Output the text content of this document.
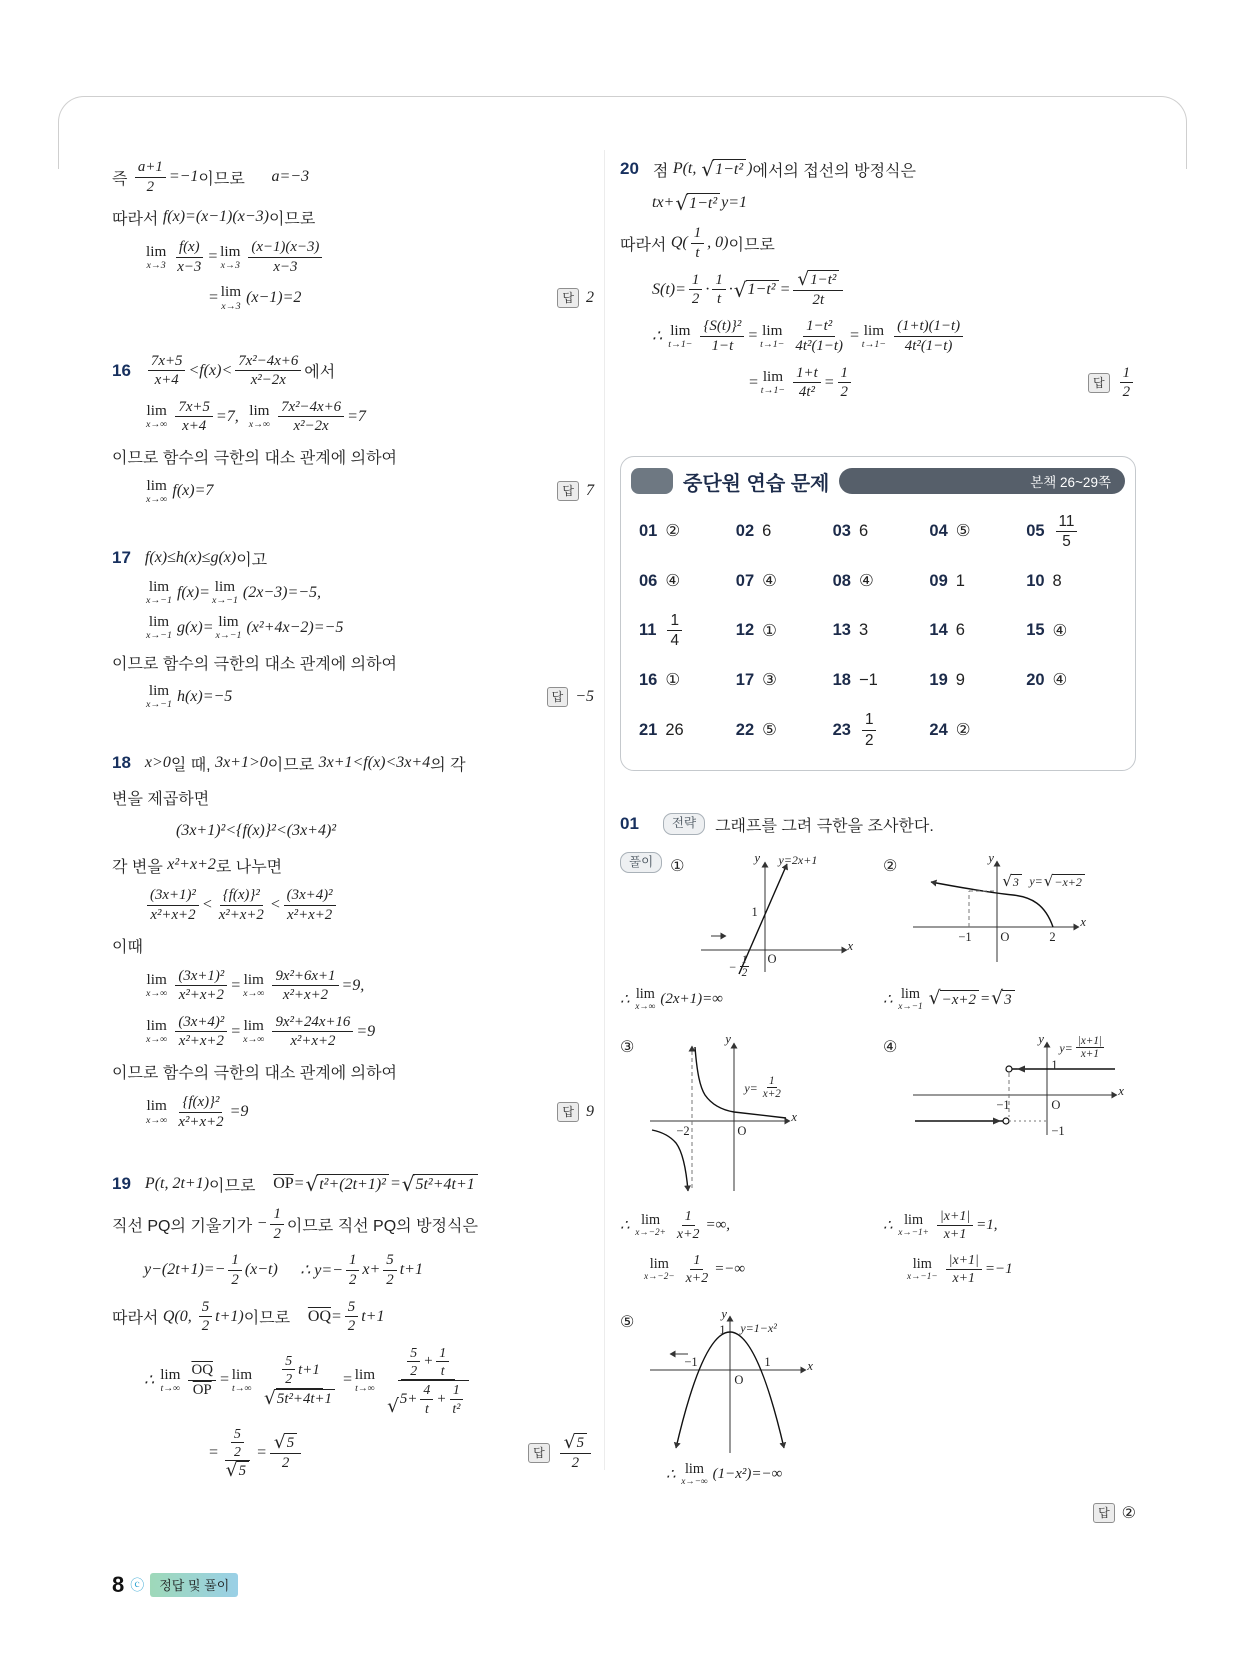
즉 $\frac{a+1}{2} =-1$ 이므로
a=−3
따라서 f(x)=(x−1)(x−3) 이므로
lim
$x\to 3 \frac{f(x)}{x-3} = \lim$
$x\to 3 \frac{(x-1)(x-3)}{x-3}$
= lim
x→3
(x−1)=2	답 2
$16 \frac{7x+5}{x+4} <f(x)< \frac{\text{7x²−4x+6}}{\text{x²−2x}}$ 에서
lim
$x\to\infty \frac{7x+5}{x+4} =7$, lim
$x\to\infty \frac{\text{7x²−4x+6}}{\text{x²−2x}} =7$
이므로 함수의 극한의 대소 관계에 의하여
lim
x→∞
f(x)=7	답 7
17 f(x)≤h(x)≤g(x) 이고
lim
x→−1
f(x)= lim
x→−1
(2x−3)=−5,
lim
x→−1
g(x)= lim
x→−1
(x²+4x−2)=−5
이므로 함수의 극한의 대소 관계에 의하여
lim
x→−1
h(x)=−5	답 −5
18 x>0 일 때, 3x+1>0 이므로 3x+1<f(x)<3x+4 의 각
변을 제곱하면
(3x+1)²<{f(x)}²<(3x+4)²
각 변을 x²+x+2 로 나누면
$\frac{\text{(3x+1)²}}{\text{x²+x+2}} < \frac{\text{\{f(x)\}²}}{\text{x²+x+2}} < \frac{\text{(3x+4)²}}{\text{x²+x+2}}$
이때
lim
$x\to\infty \frac{\text{(3x+1)²}}{\text{x²+x+2}} = \lim$
$x\to\infty \frac{\text{9x²+6x+1}}{\text{x²+x+2}} =9$,
lim
$x\to\infty \frac{\text{(3x+4)²}}{\text{x²+x+2}} = \lim$
$x\to\infty \frac{\text{9x²+24x+16}}{\text{x²+x+2}} =9$
이므로 함수의 극한의 대소 관계에 의하여
lim
$x\to\infty \frac{\text{\{f(x)\}²}}{\text{x²+x+2}} =9$	답 9
19 P(t, 2t+1) 이므로
$\overline{OP}$ = √ t²+(2t+1)² = √ 5t²+4t+1
직선 PQ의 기울기가 − $\frac{1}{2}$ 이므로 직선 PQ의 방정식은
$y-(2t+1)=- \frac{1}{2} (x-t)$
∴ $y=- \frac{1}{2} x+ \frac{5}{2} t+1$
따라서 Q(0, $\frac{5}{2} t+1$) 이므로
$\overline{OQ} = \frac{5}{2} t+1$
∴ lim
$t\to\infty \frac{\overline{OQ}}{OP} = \lim$
$t\to\infty \frac{\frac{5}{2} t+1}{\text{√ 5t²+4t+1}} = \lim$
$t\to\infty \frac{\frac{5}{2} + \frac{1}{t}}{√ 5+ \frac{4}{t} + \frac{1}{\text{t²}}}$
= $\frac{\frac{5}{2}}{√ 5} = \frac{√ 5}{2}$	답 $\frac{√ 5}{2}$
20 점 P(t, √ 1−t² ) 에서의 접선의 방정식은
tx+ √ 1−t² y=1
따라서 $Q( \frac{1}{t}$ , 0) 이므로
$S(t)= \frac{1}{2} \cdot \frac{1}{t}$ · √ $1-t^2 = \frac{\text{√ 1−t²}}{2t}$
∴ lim
$t\to 1- \frac{\text{\{S(t)\}²}}{1-t} = \lim$
$t\to 1- \frac{\text{1−t²}}{\text{4t²(1−t)}} = \lim$
$t\to 1- \frac{(1+t)(1-t)}{\text{4t²(1−t)}}$
= lim
$t\to 1- \frac{1+t}{\text{4t²}} = \frac{1}{2}$	답	$\frac{1}{2}$
중단원 연습 문제	본책 26~29쪽
01 ②	02 6	03 6	04 ⑤	$05 \frac{11}{5}$
06 ④	07 ④	08 ④	09 1	10 8
$11 \frac{1}{4}$	12 ①	13 3	14 6	15 ④
16 ①	17 ③	18 −1	19 9	20 ④
21 26	22 ⑤	$23 \frac{1}{2}$	24 ②
01	전략	그래프를 그려 극한을 조사한다.
풀이	①	y
x
O
1
− $\frac{1}{2}$
y=2x+1	②	y
x
O
−1	2
√ 3 y= √ −x+2
∴ lim
x→∞ (2x+1)=∞	∴ lim
x→−1 √ −x+2 = √ 3
③	y
x
O
−2
$y= \frac{1}{x+2}$
④	y
x
O
1
−1
−1
$y= \frac{|x+1|}{x+1}$
∴ lim
$x\to-2+ \frac{1}{x+2}$ =∞,
lim
$x\to-2- \frac{1}{x+2}$ =−∞
∴ lim
$x\to-1+ \frac{|x+1|}{x+1} =1$,
lim
$x\to-1- \frac{|x+1|}{x+1} =-1$
⑤	y
x
O
1
−1	1
y=1−x²
∴ lim
x→−∞ (1−x²)=−∞
답 ②
8 ⓒ	정답 및 풀이
